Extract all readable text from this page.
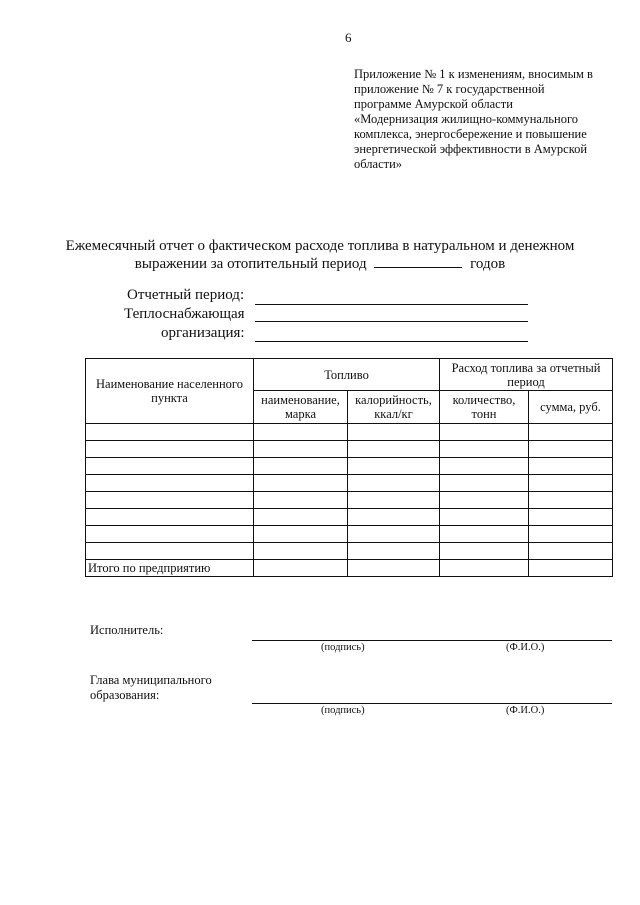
6
Приложение № 1 к изменениям, вносимым в
приложение № 7 к государственной
программе Амурской области
«Модернизация жилищно-коммунального
комплекса, энергосбережение и повышение
энергетической эффективности в Амурской
области»
Ежемесячный отчет о фактическом расходе топлива в натуральном и денежном
выражении за отопительный период	годов
Отчетный период:
Теплоснабжающая
организация:
Наименование населенного пункта	Топливо		Расход топлива за отчетный период	
	наименование, марка	калорийность, ккал/кг	количество, тонн	сумма, руб.

Итого по предприятию				
Исполнитель:
(подпись)	(Ф.И.О.)
Глава муниципального
образования:
(подпись)	(Ф.И.О.)
